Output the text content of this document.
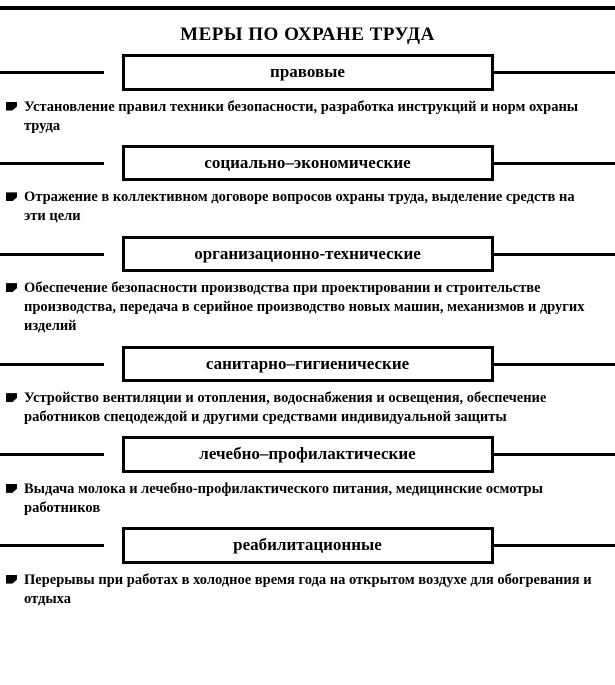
МЕРЫ ПО ОХРАНЕ ТРУДА
правовые
Установление правил техники безопасности, разработка инструкций и норм охраны труда
социально–экономические
Отражение в коллективном договоре вопросов охраны труда, выделение средств на эти цели
организационно-технические
Обеспечение безопасности производства при проектировании и строительстве производства, передача в серийное производство новых машин, механизмов и других изделий
санитарно–гигиенические
Устройство вентиляции и отопления, водоснабжения и освещения, обеспечение работников спецодеждой и другими средствами индивидуальной защиты
лечебно–профилактические
Выдача молока и лечебно-профилактического питания, медицинские осмотры работников
реабилитационные
Перерывы при работах в холодное время года на открытом воздухе для обогревания и отдыха
